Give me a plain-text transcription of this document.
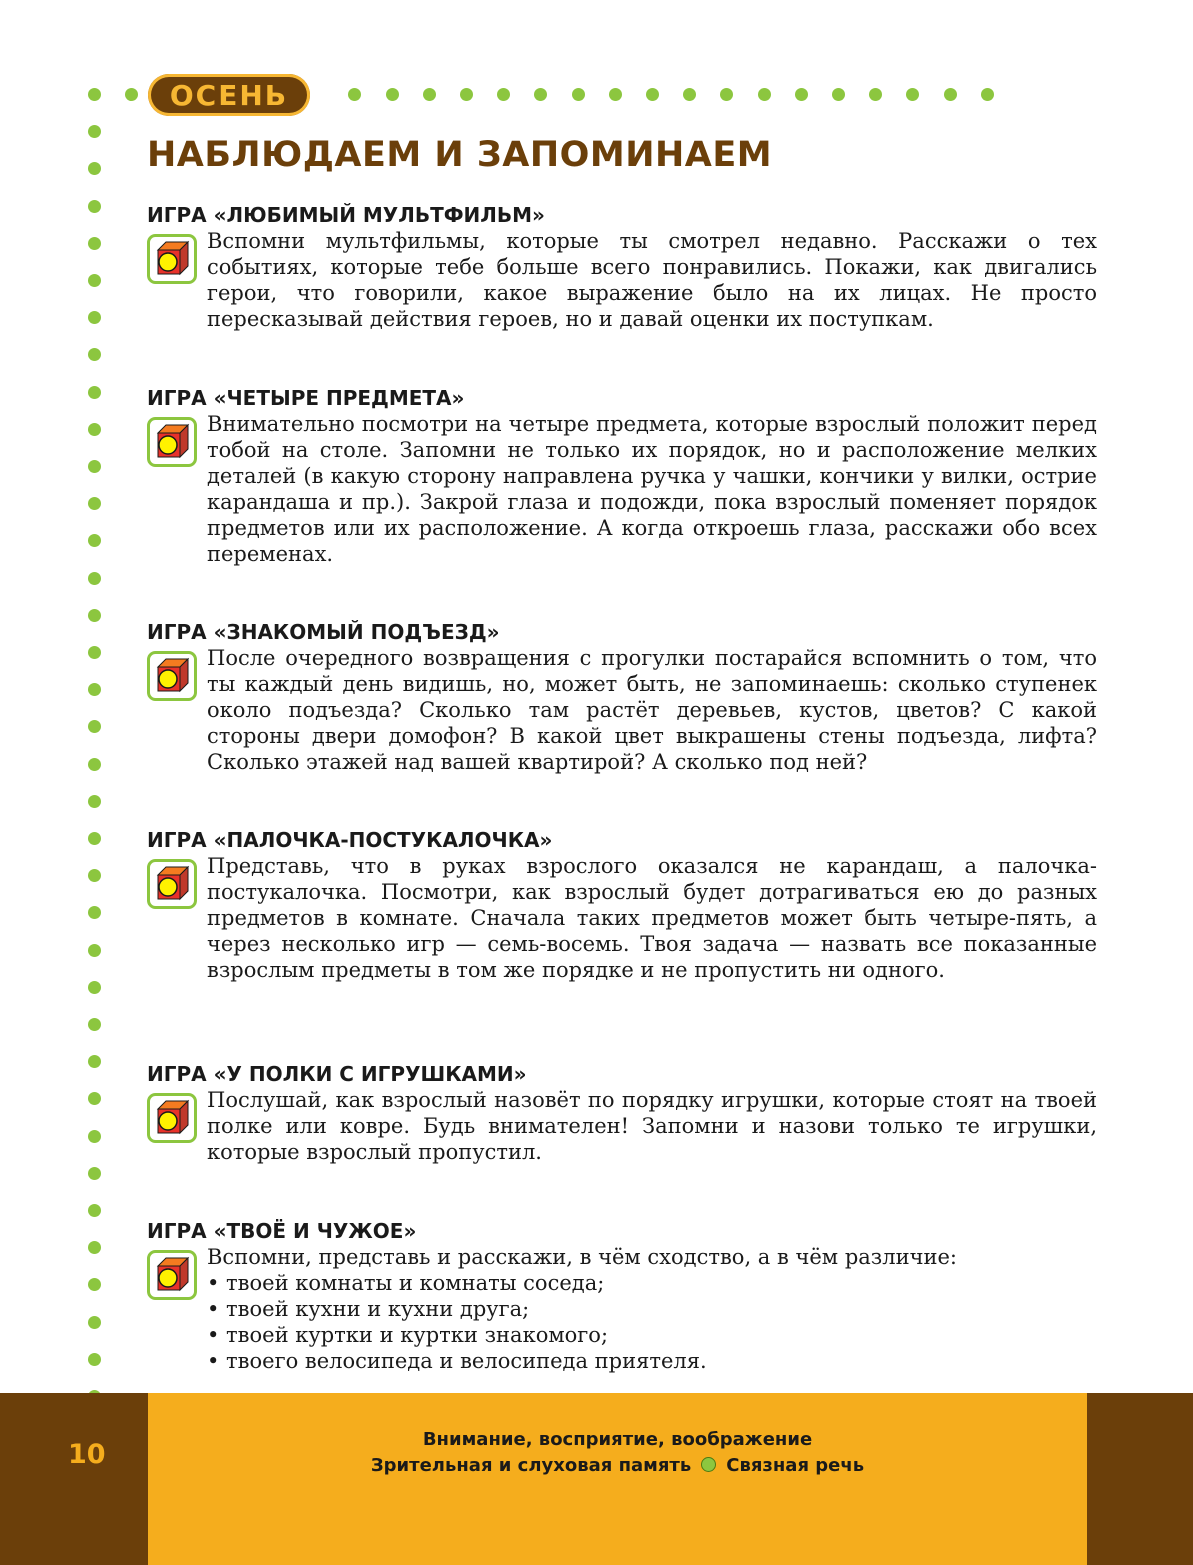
ОСЕНЬ
НАБЛЮДАЕМ И ЗАПОМИНАЕМ
ИГРА «ЛЮБИМЫЙ МУЛЬТФИЛЬМ»

Вспомни мультфильмы, которые ты смотрел недавно. Расскажи о тех событиях, которые тебе больше всего понравились. Покажи, как двигались герои, что говорили, какое выражение было на их лицах. Не просто пересказывай действия героев, но и давай оценки их поступкам.

ИГРА «ЧЕТЫРЕ ПРЕДМЕТА»

Внимательно посмотри на четыре предмета, которые взрослый положит перед тобой на столе. Запомни не только их порядок, но и расположение мелких деталей (в какую сторону направлена ручка у чашки, кончики у вилки, острие карандаша и пр.). Закрой глаза и подожди, пока взрослый поменяет порядок предметов или их расположение. А когда откроешь глаза, расскажи обо всех переменах.

ИГРА «ЗНАКОМЫЙ ПОДЪЕЗД»

После очередного возвращения с прогулки постарайся вспомнить о том, что ты каждый день видишь, но, может быть, не запоминаешь: сколько ступенек около подъезда? Сколько там растёт деревьев, кустов, цветов? С какой стороны двери домофон? В какой цвет выкрашены стены подъезда, лифта? Сколько этажей над вашей квартирой? А сколько под ней?

ИГРА «ПАЛОЧКА-ПОСТУКАЛОЧКА»

Представь, что в руках взрослого оказался не карандаш, а палочка-постукалочка. Посмотри, как взрослый будет дотрагиваться ею до разных предметов в комнате. Сначала таких предметов может быть четыре-пять, а через несколько игр — семь-восемь. Твоя задача — назвать все показанные взрослым предметы в том же порядке и не пропустить ни одного.

ИГРА «У ПОЛКИ С ИГРУШКАМИ»

Послушай, как взрослый назовёт по порядку игрушки, которые стоят на твоей полке или ковре. Будь внимателен! Запомни и назови только те игрушки, которые взрослый пропустил.

ИГРА «ТВОЁ И ЧУЖОЕ»

Вспомни, представь и расскажи, в чём сходство, а в чём различие:

• твоей комнаты и комнаты соседа;
• твоей кухни и кухни друга;
• твоей куртки и куртки знакомого;
• твоего велосипеда и велосипеда приятеля.
10	Внимание, восприятие, воображение
Зрительная и слуховая память Связная речь
